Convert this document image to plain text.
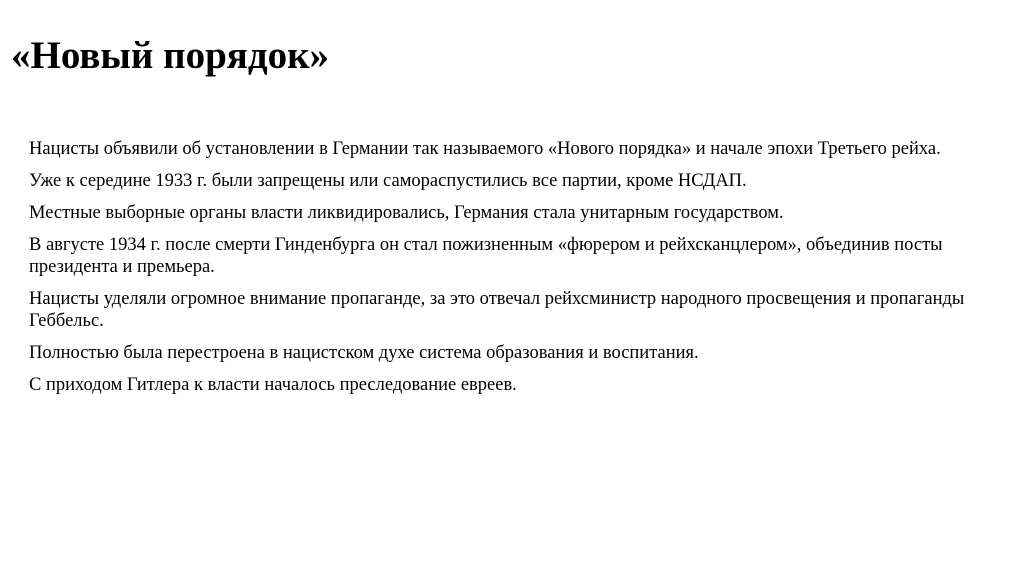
«Новый порядок»
Нацисты объявили об установлении в Германии так называемого «Нового порядка» и начале эпохи Третьего рейха.
Уже к середине 1933 г. были запрещены или самораспустились все партии, кроме НСДАП.
Местные выборные органы власти ликвидировались, Германия стала унитарным государством.
В августе 1934 г. после смерти Гинденбурга он стал пожизненным «фюрером и рейхсканцлером», объединив посты президента и премьера.
Нацисты уделяли огромное внимание пропаганде, за это отвечал рейхсминистр народного просвещения и пропаганды Геббельс.
Полностью была перестроена в нацистском духе система образования и воспитания.
С приходом Гитлера к власти началось преследование евреев.
